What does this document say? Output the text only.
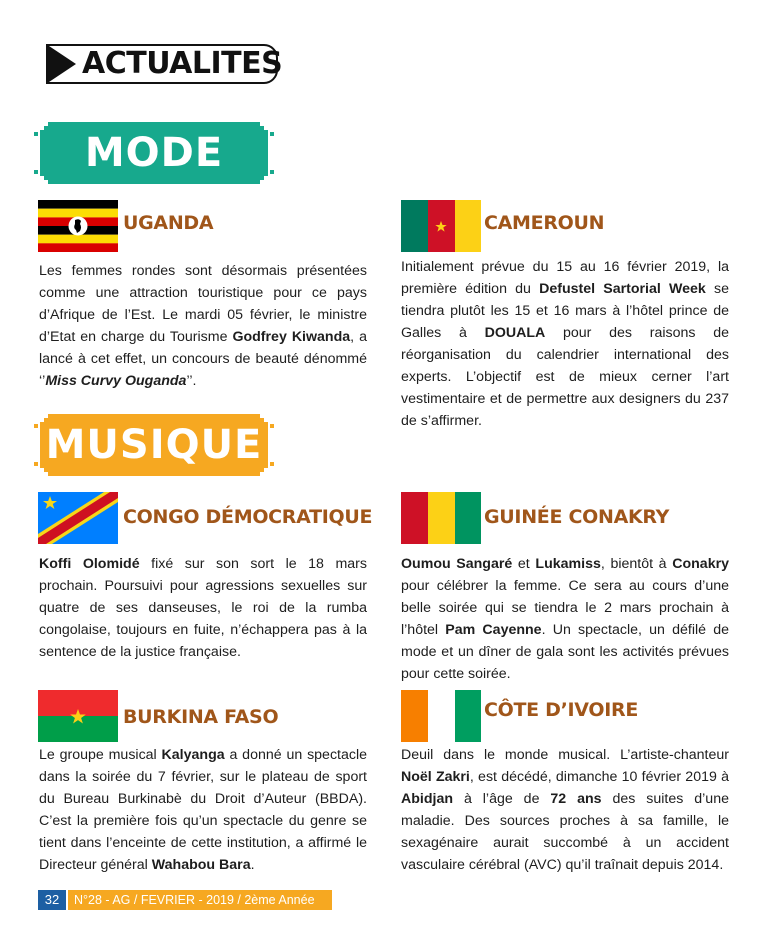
ACTUALITES
MODE
UGANDA
Les femmes rondes sont désormais présentées comme une attraction touristique pour ce pays d’Afrique de l’Est. Le mardi 05 février, le ministre d’Etat en charge du Tourisme Godfrey Kiwanda, a lancé à cet effet, un concours de beauté dénommé ‘’Miss Curvy Ouganda’’.
CAMEROUN
Initialement prévue du 15 au 16 février 2019, la première édition du Defustel Sartorial Week se tiendra plutôt les 15 et 16 mars à l’hôtel prince de Galles à DOUALA pour des raisons de réorganisation du calendrier international des experts. L’objectif est de mieux cerner l’art vestimentaire et de permettre aux designers du 237 de s’affirmer.
MUSIQUE
CONGO DÉMOCRATIQUE
Koffi Olomidé fixé sur son sort le 18 mars prochain. Poursuivi pour agressions sexuelles sur quatre de ses danseuses, le roi de la rumba congolaise, toujours en fuite, n’échappera pas à la sentence de la justice française.
GUINÉE CONAKRY
Oumou Sangaré et Lukamiss, bientôt à Conakry pour célébrer la femme. Ce sera au cours d’une belle soirée qui se tiendra le 2 mars prochain à l’hôtel Pam Cayenne. Un spectacle, un défilé de mode et un dîner de gala sont les activités prévues pour cette soirée.
BURKINA FASO
Le groupe musical Kalyanga a donné un spectacle dans la soirée du 7 février, sur le plateau de sport du Bureau Burkinabè du Droit d’Auteur (BBDA). C’est la première fois qu’un spectacle du genre se tient dans l’enceinte de cette institution, a affirmé le Directeur général Wahabou Bara.
CÔTE D’IVOIRE
Deuil dans le monde musical. L’artiste-chanteur Noël Zakri, est décédé, dimanche 10 février 2019 à Abidjan à l’âge de 72 ans des suites d’une maladie. Des sources proches à sa famille, le sexagénaire aurait succombé à un accident vasculaire cérébral (AVC) qu’il traînait depuis 2014.
32	N°28 - AG / FEVRIER - 2019 / 2ème Année
